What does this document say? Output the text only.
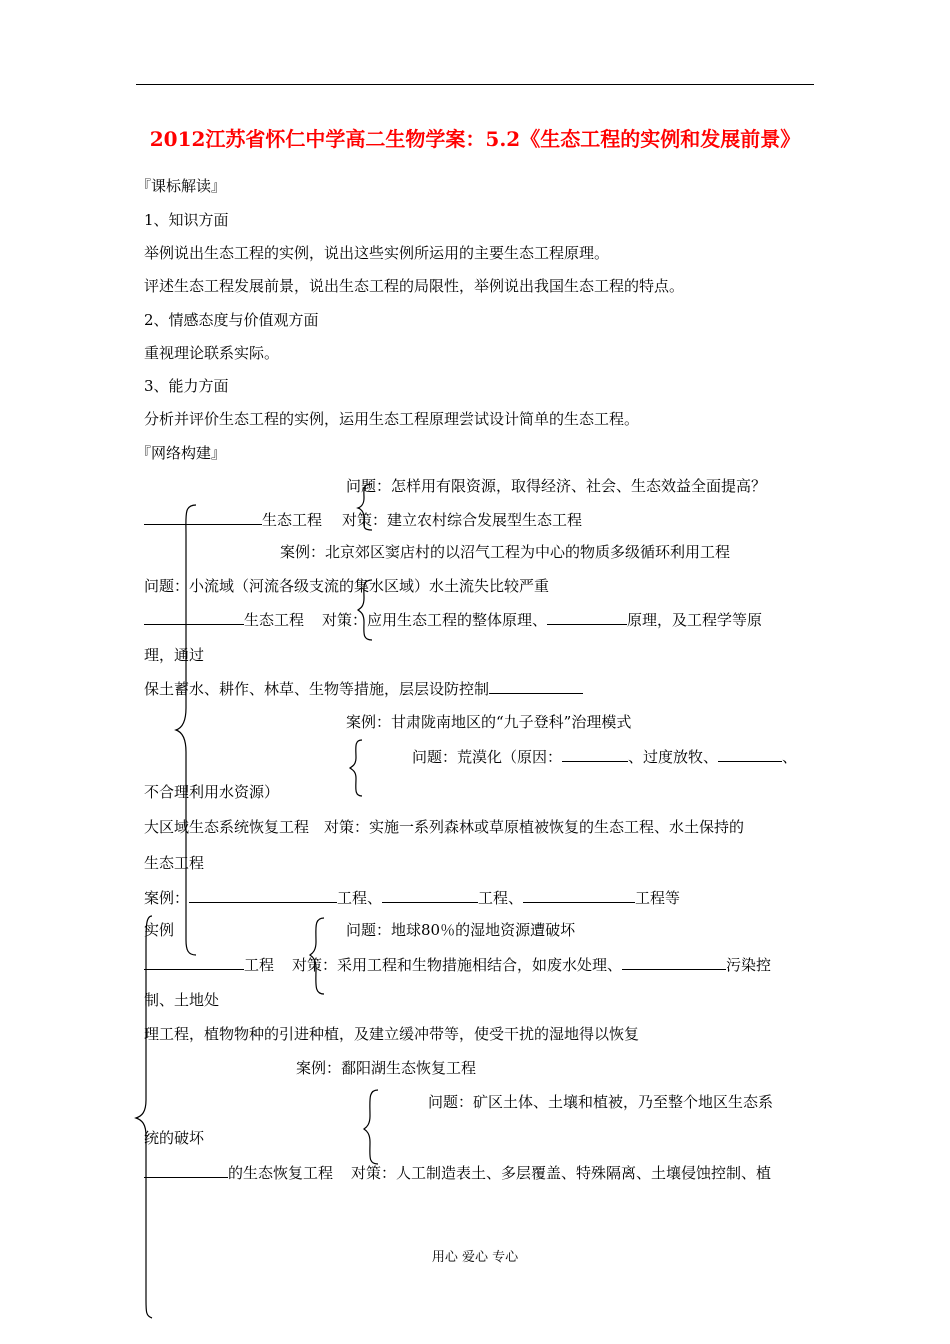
2012江苏省怀仁中学高二生物学案：5.2《生态工程的实例和发展前景》
『课标解读』
1、知识方面
举例说出生态工程的实例，说出这些实例所运用的主要生态工程原理。
评述生态工程发展前景，说出生态工程的局限性，举例说出我国生态工程的特点。
2、情感态度与价值观方面
重视理论联系实际。
3、能力方面
分析并评价生态工程的实例，运用生态工程原理尝试设计简单的生态工程。
『网络构建』
问题：怎样用有限资源，取得经济、社会、生态效益全面提高？
生态工程 对策：建立农村综合发展型生态工程
案例：北京郊区窦店村的以沼气工程为中心的物质多级循环利用工程
问题：小流域（河流各级支流的集水区域）水土流失比较严重
生态工程 对策：应用生态工程的整体原理、	原理，及工程学等原
理，通过
保土蓄水、耕作、林草、生物等措施，层层设防控制
案例：甘肃陇南地区的“九子登科”治理模式
问题：荒漠化（原因：	、过度放牧、	、
不合理利用水资源）
大区域生态系统恢复工程　对策：实施一系列森林或草原植被恢复的生态工程、水土保持的
生态工程
案例：	工程、	工程、	工程等
实例	问题：地球80％的湿地资源遭破坏
工程 对策：采用工程和生物措施相结合，如废水处理、	污染控
制、土地处
理工程，植物物种的引进种植，及建立缓冲带等，使受干扰的湿地得以恢复
案例：鄱阳湖生态恢复工程
问题：矿区土体、土壤和植被，乃至整个地区生态系
统的破坏
的生态恢复工程 对策：人工制造表土、多层覆盖、特殊隔离、土壤侵蚀控制、植
用心 爱心 专心
